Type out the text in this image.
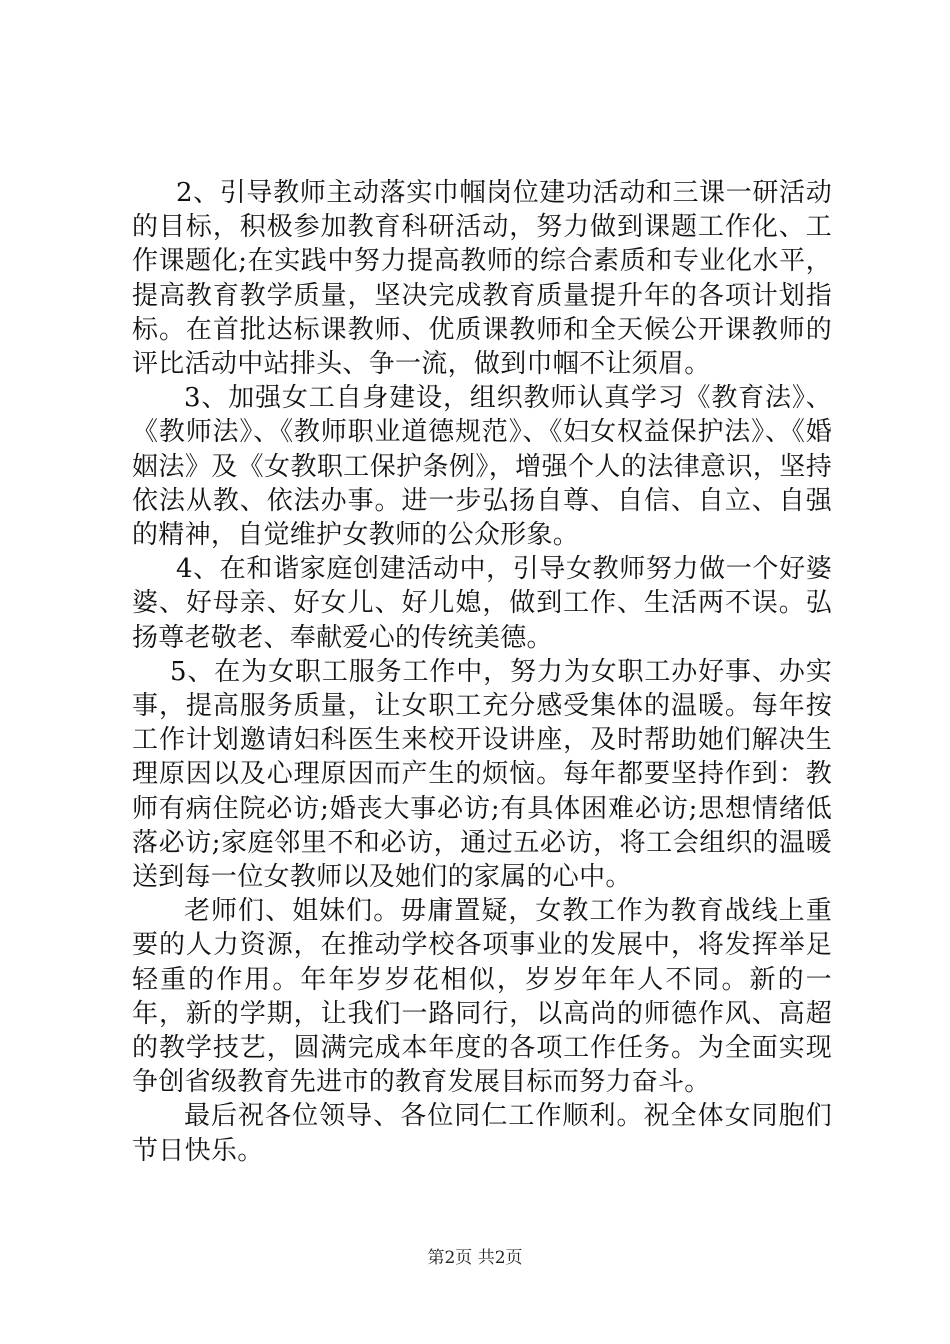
2、引导教师主动落实巾帼岗位建功活动和三课一研活动的目标，积极参加教育科研活动，努力做到课题工作化、工作课题化;在实践中努力提高教师的综合素质和专业化水平，提高教育教学质量，坚决完成教育质量提升年的各项计划指标。在首批达标课教师、优质课教师和全天候公开课教师的评比活动中站排头、争一流，做到巾帼不让须眉。

3、加强女工自身建设，组织教师认真学习《教育法》、《教师法》、《教师职业道德规范》、《妇女权益保护法》、《婚姻法》及《女教职工保护条例》，增强个人的法律意识，坚持依法从教、依法办事。进一步弘扬自尊、自信、自立、自强的精神，自觉维护女教师的公众形象。

4、在和谐家庭创建活动中，引导女教师努力做一个好婆婆、好母亲、好女儿、好儿媳，做到工作、生活两不误。弘扬尊老敬老、奉献爱心的传统美德。

5、在为女职工服务工作中，努力为女职工办好事、办实事，提高服务质量，让女职工充分感受集体的温暖。每年按工作计划邀请妇科医生来校开设讲座，及时帮助她们解决生理原因以及心理原因而产生的烦恼。每年都要坚持作到：教师有病住院必访;婚丧大事必访;有具体困难必访;思想情绪低落必访;家庭邻里不和必访，通过五必访，将工会组织的温暖送到每一位女教师以及她们的家属的心中。

老师们、姐妹们。毋庸置疑，女教工作为教育战线上重要的人力资源，在推动学校各项事业的发展中，将发挥举足轻重的作用。年年岁岁花相似，岁岁年年人不同。新的一年，新的学期，让我们一路同行，以高尚的师德作风、高超的教学技艺，圆满完成本年度的各项工作任务。为全面实现争创省级教育先进市的教育发展目标而努力奋斗。

最后祝各位领导、各位同仁工作顺利。祝全体女同胞们节日快乐。

第2页 共2页
